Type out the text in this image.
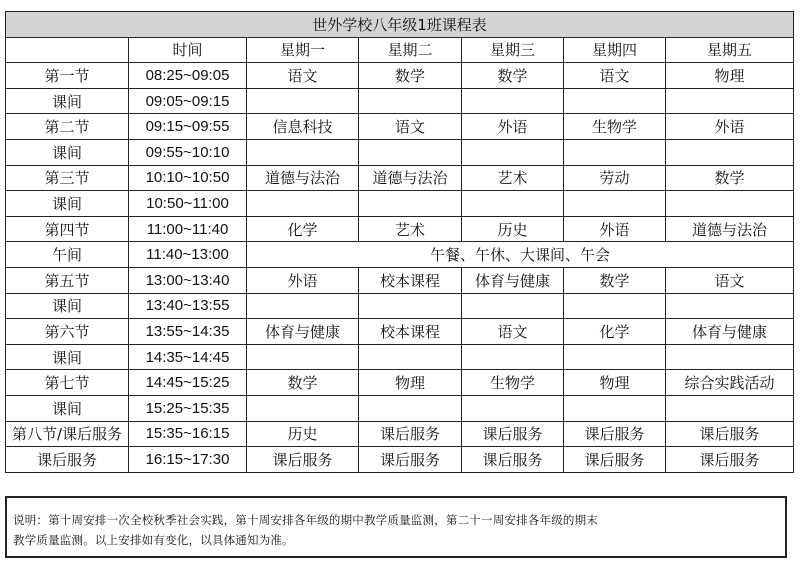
世外学校八年级1班课程表						
	时间	星期一	星期二	星期三	星期四	星期五
第一节	08:25~09:05	语文	数学	数学	语文	物理
课间	09:05~09:15					
第二节	09:15~09:55	信息科技	语文	外语	生物学	外语
课间	09:55~10:10					
第三节	10:10~10:50	道德与法治	道德与法治	艺术	劳动	数学
课间	10:50~11:00					
第四节	11:00~11:40	化学	艺术	历史	外语	道德与法治
午间	11:40~13:00	午餐、午休、大课间、午会				
第五节	13:00~13:40	外语	校本课程	体育与健康	数学	语文
课间	13:40~13:55					
第六节	13:55~14:35	体育与健康	校本课程	语文	化学	体育与健康
课间	14:35~14:45					
第七节	14:45~15:25	数学	物理	生物学	物理	综合实践活动
课间	15:25~15:35					
第八节/课后服务	15:35~16:15	历史	课后服务	课后服务	课后服务	课后服务
课后服务	16:15~17:30	课后服务	课后服务	课后服务	课后服务	课后服务
说明：第十周安排一次全校秋季社会实践，第十周安排各年级的期中教学质量监测，第二十一周安排各年级的期末
教学质量监测。以上安排如有变化，以具体通知为准。
